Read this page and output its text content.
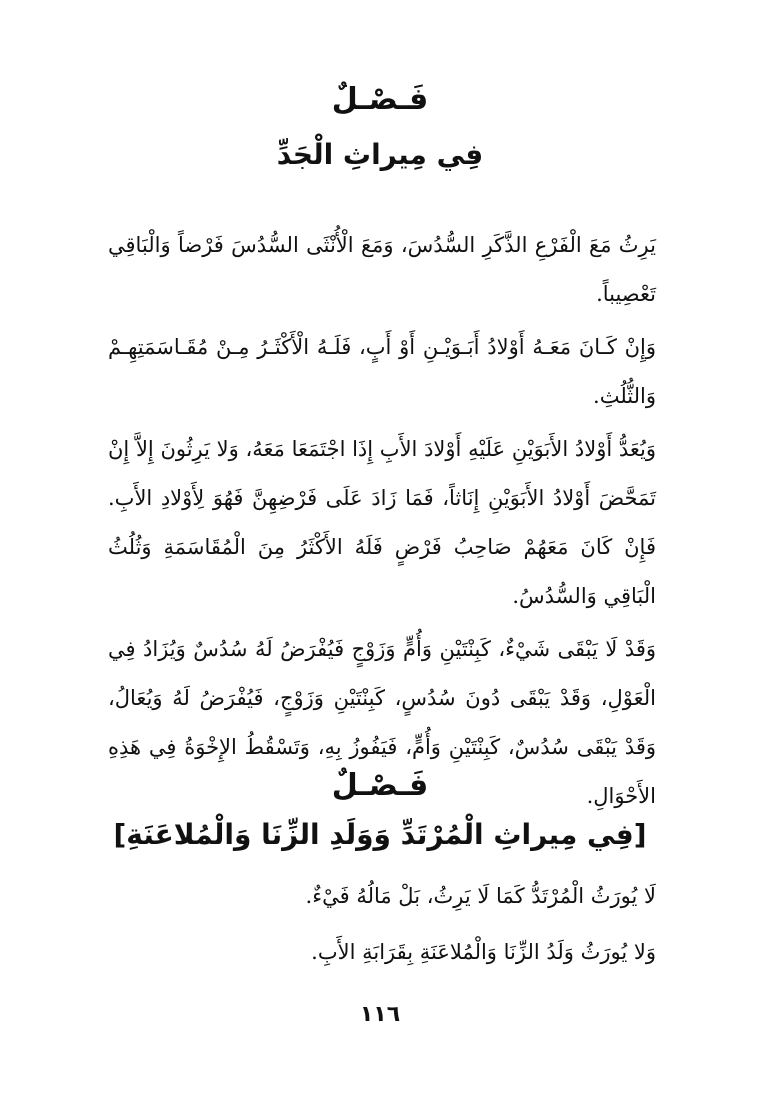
فَـصْـلٌ
فِي مِيراثِ الْجَدِّ

يَرِثُ مَعَ الْفَرْعِ الذَّكَرِ السُّدُسَ، وَمَعَ الْأُنْثَى السُّدُسَ فَرْضاً وَالْبَاقِي تَعْصِيباً.

وَإِنْ كَـانَ مَعَـهُ أَوْلادُ أَبَـوَيْـنِ أَوْ أَبٍ، فَلَـهُ الْأَكْثَـرُ مِـنْ مُقَـاسَمَتِهِـمْ وَالثُّلُثِ.

وَيُعَدُّ أَوْلادُ الأَبَوَيْنِ عَلَيْهِ أَوْلادَ الأَبِ إِذَا اجْتَمَعَا مَعَهُ، وَلا يَرِثُونَ إِلاَّ إِنْ تَمَحَّضَ أَوْلادُ الأَبَوَيْنِ إِنَاثاً، فَمَا زَادَ عَلَى فَرْضِهِنَّ فَهُوَ لِأَوْلادِ الأَبِ. فَإِنْ كَانَ مَعَهُمْ صَاحِبُ فَرْضٍ فَلَهُ الأَكْثَرُ مِنَ الْمُقَاسَمَةِ وَثُلُثُ الْبَاقِي وَالسُّدُسُ.

وَقَدْ لَا يَبْقَى شَيْءٌ، كَبِنْتَيْنِ وَأُمٍّ وَزَوْجٍ فَيُفْرَضُ لَهُ سُدُسٌ وَيُزَادُ فِي الْعَوْلِ، وَقَدْ يَبْقَى دُونَ سُدُسٍ، كَبِنْتَيْنِ وَزَوْجٍ، فَيُفْرَضُ لَهُ وَيُعَالُ، وَقَدْ يَبْقَى سُدُسٌ، كَبِنْتَيْنِ وَأُمٍّ، فَيَفُوزُ بِهِ، وَتَسْقُطُ الإِخْوَةُ فِي هَذِهِ الأَحْوَالِ.

فَـصْـلٌ
[فِي مِيراثِ الْمُرْتَدِّ وَوَلَدِ الزِّنَا وَالْمُلاعَنَةِ]
لَا يُورَثُ الْمُرْتَدُّ كَمَا لَا يَرِثُ، بَلْ مَالُهُ فَيْءٌ.
وَلا يُورَثُ وَلَدُ الزِّنَا وَالْمُلاعَنَةِ بِقَرَابَةِ الأَبِ.
١١٦
